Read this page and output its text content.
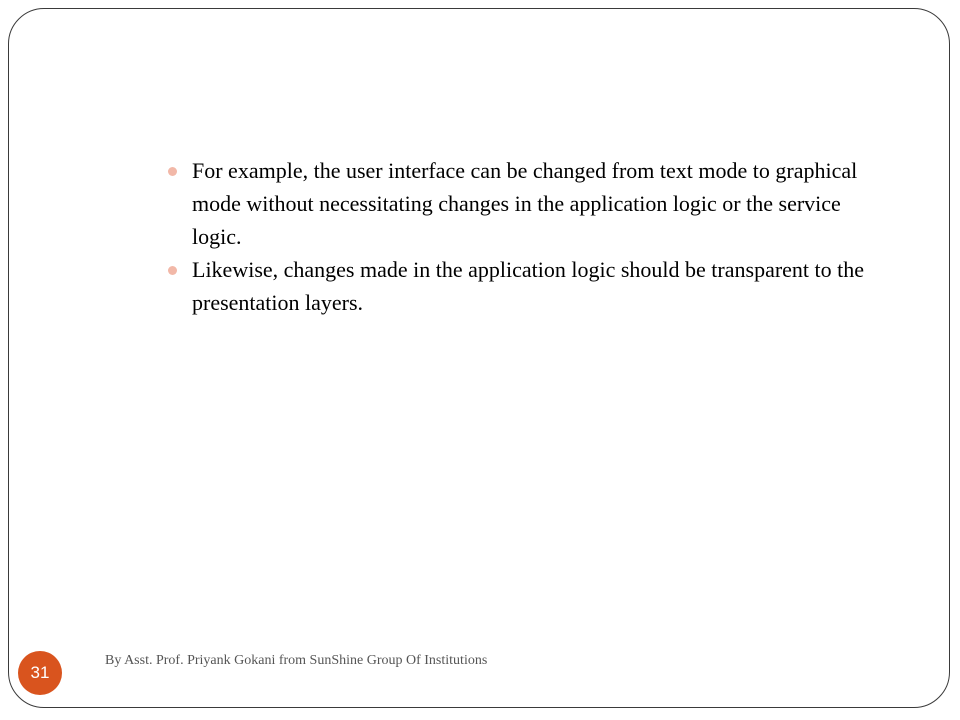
For example, the user interface can be changed from text mode to graphical mode without necessitating changes in the application logic or the service logic.
Likewise, changes made in the application logic should be transparent to the presentation layers.
31
By Asst. Prof. Priyank Gokani from SunShine Group Of Institutions
